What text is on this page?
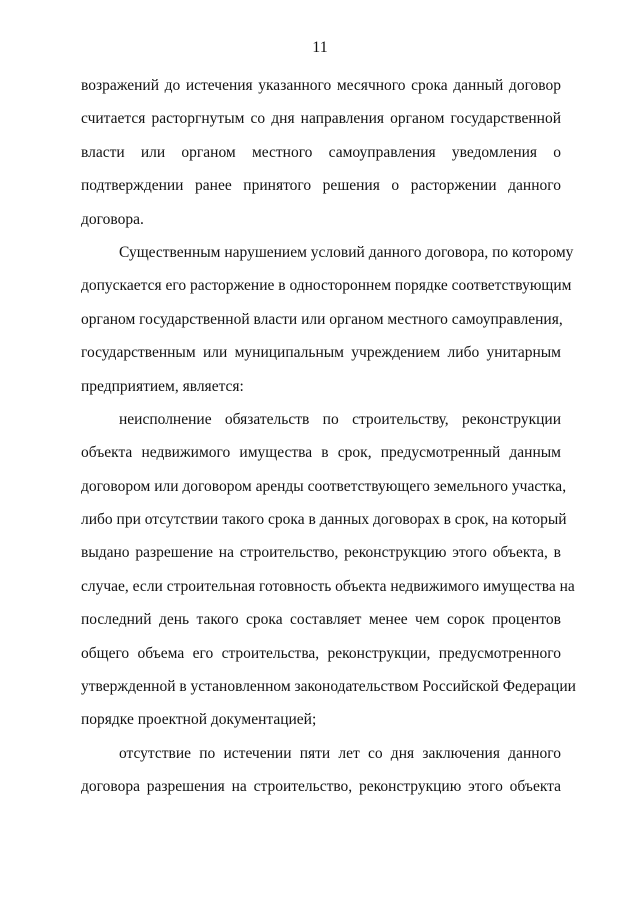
11
возражений до истечения указанного месячного срока данный договор
считается расторгнутым со дня направления органом государственной
власти или органом местного самоуправления уведомления о
подтверждении ранее принятого решения о расторжении данного
договора.
Существенным нарушением условий данного договора, по которому
допускается его расторжение в одностороннем порядке соответствующим
органом государственной власти или органом местного самоуправления,
государственным или муниципальным учреждением либо унитарным
предприятием, является:
неисполнение обязательств по строительству, реконструкции
объекта недвижимого имущества в срок, предусмотренный данным
договором или договором аренды соответствующего земельного участка,
либо при отсутствии такого срока в данных договорах в срок, на который
выдано разрешение на строительство, реконструкцию этого объекта, в
случае, если строительная готовность объекта недвижимого имущества на
последний день такого срока составляет менее чем сорок процентов
общего объема его строительства, реконструкции, предусмотренного
утвержденной в установленном законодательством Российской Федерации
порядке проектной документацией;
отсутствие по истечении пяти лет со дня заключения данного
договора разрешения на строительство, реконструкцию этого объекта
